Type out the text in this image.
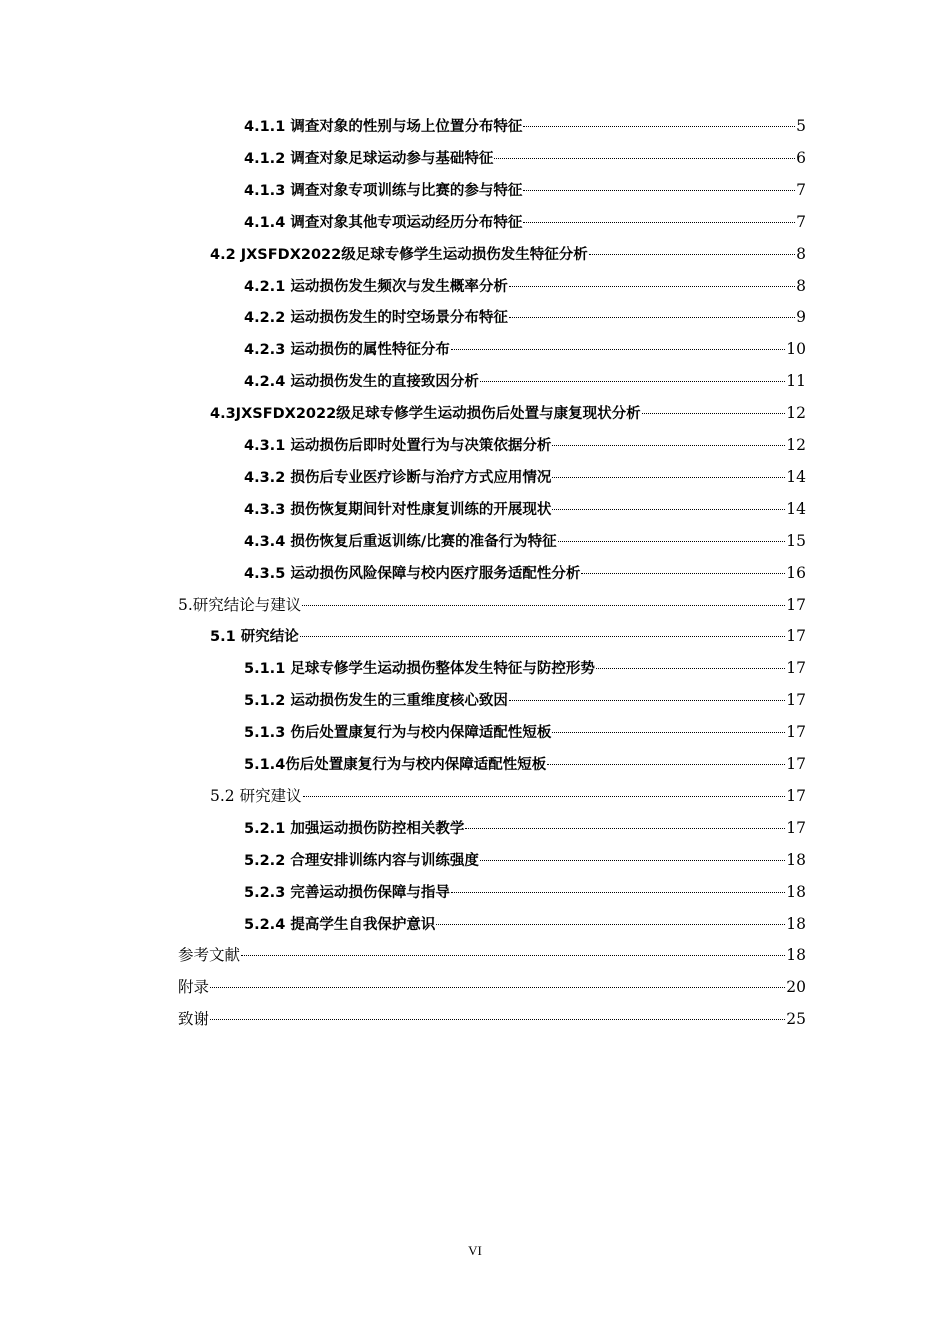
4.1.1 调查对象的性别与场上位置分布特征	5
4.1.2 调查对象足球运动参与基础特征	6
4.1.3 调查对象专项训练与比赛的参与特征	7
4.1.4 调查对象其他专项运动经历分布特征	7
4.2 JXSFDX2022级足球专修学生运动损伤发生特征分析	8
4.2.1 运动损伤发生频次与发生概率分析	8
4.2.2 运动损伤发生的时空场景分布特征	9
4.2.3 运动损伤的属性特征分布	10
4.2.4 运动损伤发生的直接致因分析	11
4.3JXSFDX2022级足球专修学生运动损伤后处置与康复现状分析	12
4.3.1 运动损伤后即时处置行为与决策依据分析	12
4.3.2 损伤后专业医疗诊断与治疗方式应用情况	14
4.3.3 损伤恢复期间针对性康复训练的开展现状	14
4.3.4 损伤恢复后重返训练/比赛的准备行为特征	15
4.3.5 运动损伤风险保障与校内医疗服务适配性分析	16
5.研究结论与建议	17
5.1 研究结论	17
5.1.1 足球专修学生运动损伤整体发生特征与防控形势	17
5.1.2 运动损伤发生的三重维度核心致因	17
5.1.3 伤后处置康复行为与校内保障适配性短板	17
5.1.4伤后处置康复行为与校内保障适配性短板	17
5.2 研究建议	17
5.2.1 加强运动损伤防控相关教学	17
5.2.2 合理安排训练内容与训练强度	18
5.2.3 完善运动损伤保障与指导	18
5.2.4 提高学生自我保护意识	18
参考文献	18
附录	20
致谢	25
VI
